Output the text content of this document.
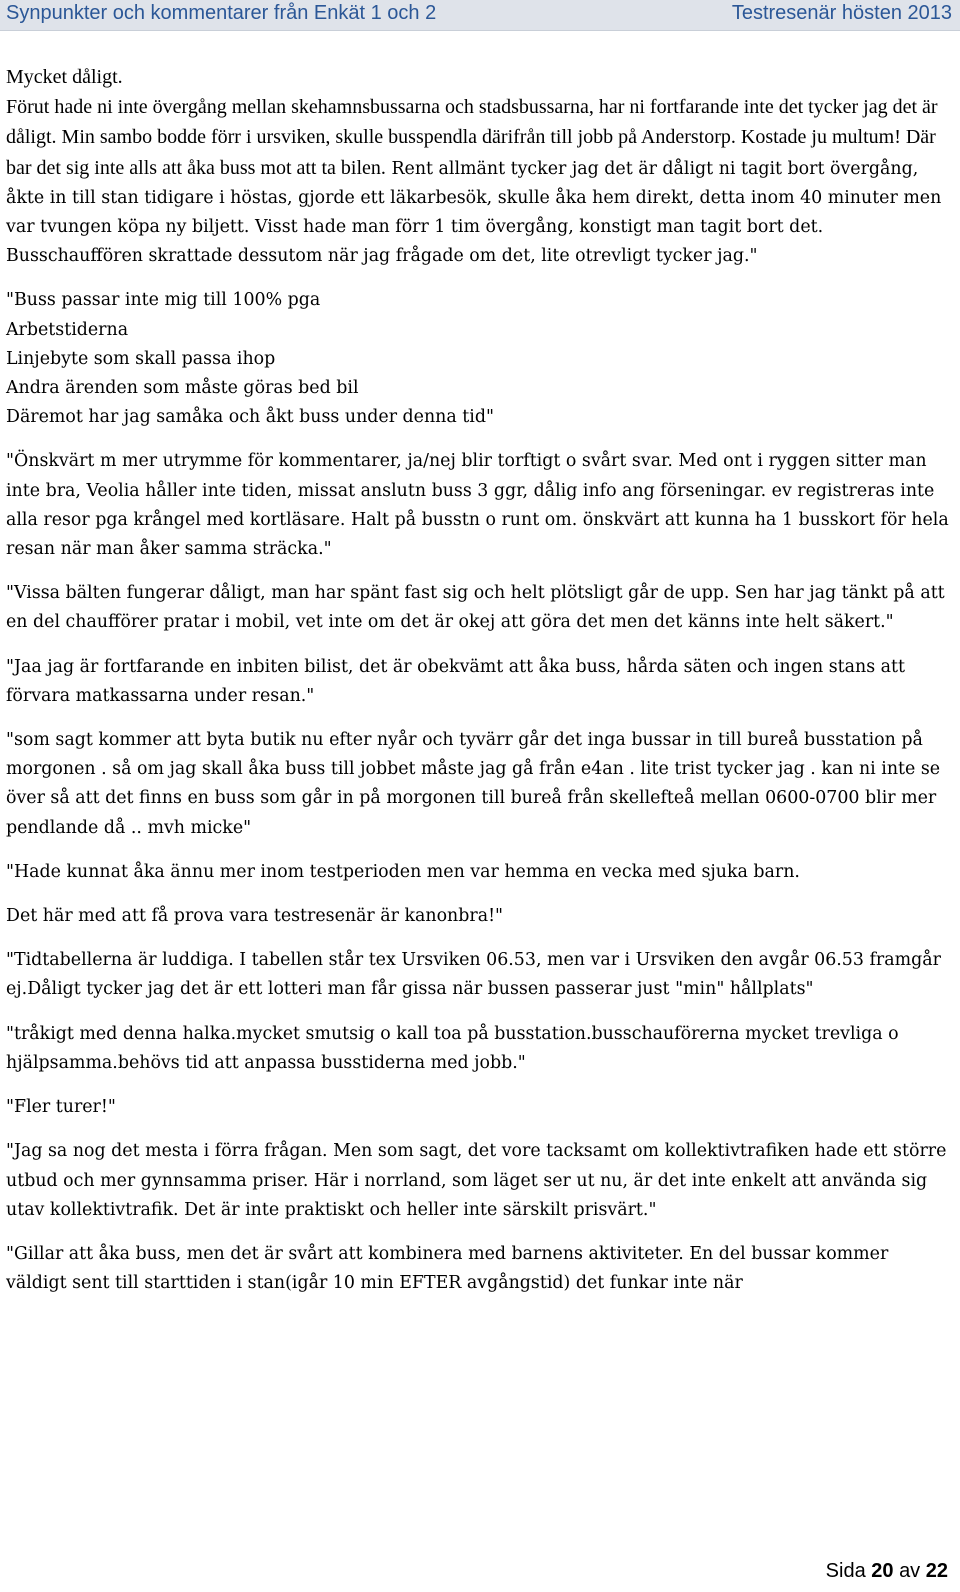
Synpunkter och kommentarer från Enkät 1 och 2	Testresenär hösten 2013

Mycket dåligt.
Förut hade ni inte övergång mellan skehamnsbussarna och stadsbussarna, har ni fortfarande inte det tycker jag det är dåligt. Min sambo bodde förr i ursviken, skulle busspendla därifrån till jobb på Anderstorp. Kostade ju multum! Där bar det sig inte alls att åka buss mot att ta bilen. Rent allmänt tycker jag det är dåligt ni tagit bort övergång, åkte in till stan tidigare i höstas, gjorde ett läkarbesök, skulle åka hem direkt, detta inom 40 minuter men var tvungen köpa ny biljett. Visst hade man förr 1 tim övergång, konstigt man tagit bort det.
Busschauffören skrattade dessutom när jag frågade om det, lite otrevligt tycker jag."

"Buss passar inte mig till 100% pga
Arbetstiderna
Linjebyte som skall passa ihop
Andra ärenden som måste göras bed bil
Däremot har jag samåka och åkt buss under denna tid"

"Önskvärt m mer utrymme för kommentarer, ja/nej blir torftigt o svårt svar. Med ont i ryggen sitter man inte bra, Veolia håller inte tiden, missat anslutn buss 3 ggr, dålig info ang förseningar. ev registreras inte alla resor pga krångel med kortläsare. Halt på busstn o runt om. önskvärt att kunna ha 1 busskort för hela resan när man åker samma sträcka."

"Vissa bälten fungerar dåligt, man har spänt fast sig och helt plötsligt går de upp. Sen har jag tänkt på att en del chaufförer pratar i mobil, vet inte om det är okej att göra det men det känns inte helt säkert."

"Jaa jag är fortfarande en inbiten bilist, det är obekvämt att åka buss, hårda säten och ingen stans att förvara matkassarna under resan."

"som sagt kommer att byta butik nu efter nyår och tyvärr går det inga bussar in till bureå busstation på morgonen . så om jag skall åka buss till jobbet måste jag gå från e4an . lite trist tycker jag . kan ni inte se över så att det finns en buss som går in på morgonen till bureå från skellefteå mellan 0600-0700 blir mer pendlande då .. mvh micke"

"Hade kunnat åka ännu mer inom testperioden men var hemma en vecka med sjuka barn.

Det här med att få prova vara testresenär är kanonbra!"

"Tidtabellerna är luddiga. I tabellen står tex Ursviken 06.53, men var i Ursviken den avgår 06.53 framgår ej.Dåligt tycker jag det är ett lotteri man får gissa när bussen passerar just "min" hållplats"

"tråkigt med denna halka.mycket smutsig o kall toa på busstation.busschauförerna mycket trevliga o hjälpsamma.behövs tid att anpassa busstiderna med jobb."

"Fler turer!"

"Jag sa nog det mesta i förra frågan. Men som sagt, det vore tacksamt om kollektivtrafiken hade ett större utbud och mer gynnsamma priser. Här i norrland, som läget ser ut nu, är det inte enkelt att använda sig utav kollektivtrafik. Det är inte praktiskt och heller inte särskilt prisvärt."

"Gillar att åka buss, men det är svårt att kombinera med barnens aktiviteter. En del bussar kommer väldigt sent till starttiden i stan(igår 10 min EFTER avgångstid) det funkar inte när

Sida 20 av 22
